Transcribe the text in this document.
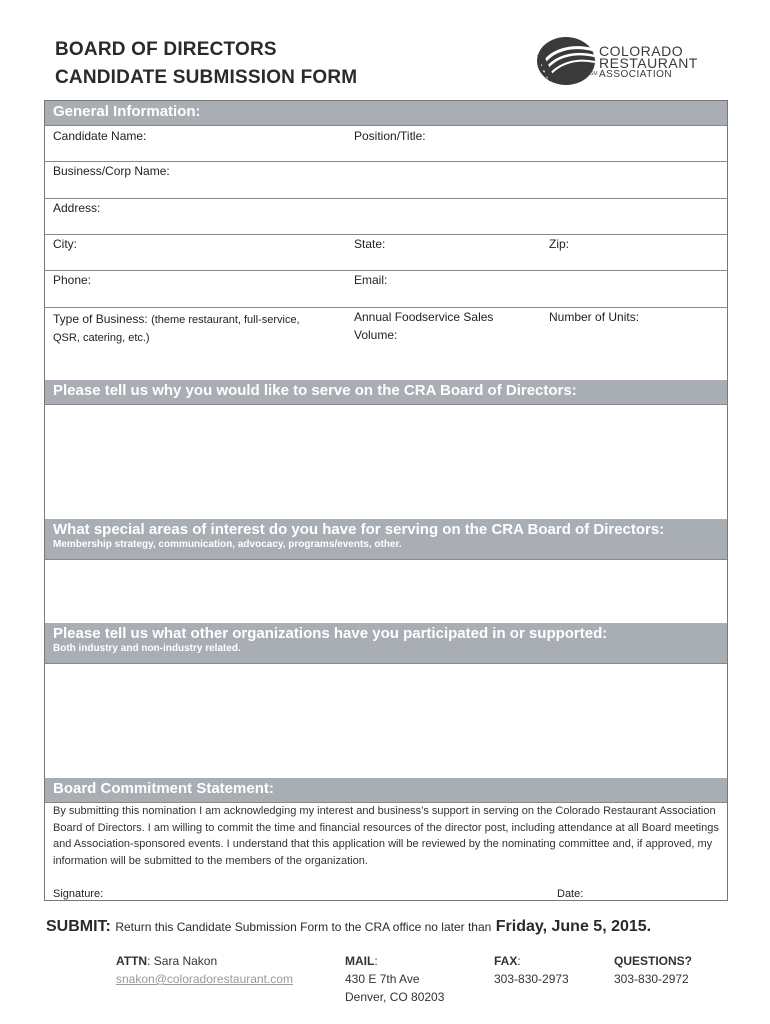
BOARD OF DIRECTORS
CANDIDATE SUBMISSION FORM
COLORADO
RESTAURANT
ASSOCIATION
SM
General Information:
Candidate Name:	Position/Title:
Business/Corp Name:
Address:
City:	State:	Zip:
Phone:	Email:
Type of Business: (theme restaurant, full-service,
QSR, catering, etc.)
Annual Foodservice Sales
Volume:
Number of Units:
Please tell us why you would like to serve on the CRA Board of Directors:
What special areas of interest do you have for serving on the CRA Board of Directors:
Membership strategy, communication, advocacy, programs/events, other.
Please tell us what other organizations have you participated in or supported:
Both industry and non-industry related.
Board Commitment Statement:
By submitting this nomination I am acknowledging my interest and business’s support in serving on the Colorado Restaurant Association Board of Directors. I am willing to commit the time and financial resources of the director post, including attendance at all Board meetings and Association-sponsored events. I understand that this application will be reviewed by the nominating committee and, if approved, my information will be submitted to the members of the organization.
Signature:	Date:
SUBMIT: Return this Candidate Submission Form to the CRA office no later than Friday, June 5, 2015.
ATTN: Sara Nakon
snakon@coloradorestaurant.com
MAIL:
430 E 7th Ave
Denver, CO 80203
FAX:
303-830-2973
QUESTIONS?
303-830-2972
